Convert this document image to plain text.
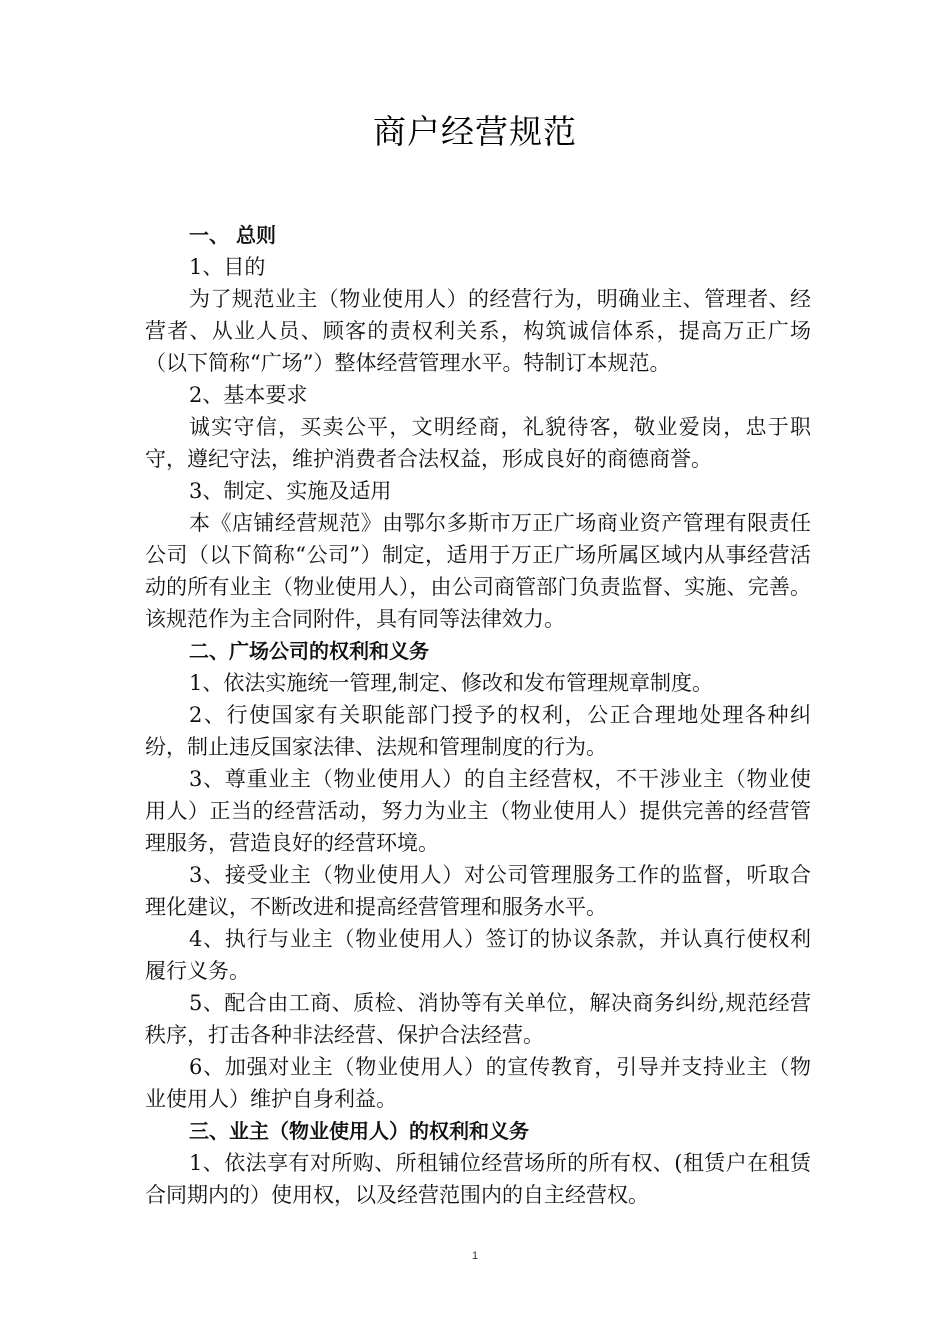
商户经营规范

一、 总则

1、目的

为了规范业主（物业使用人）的经营行为，明确业主、管理者、经营者、从业人员、顾客的责权利关系，构筑诚信体系，提高万正广场（以下简称“广场”）整体经营管理水平。特制订本规范。

2、基本要求

诚实守信，买卖公平，文明经商，礼貌待客，敬业爱岗，忠于职守，遵纪守法，维护消费者合法权益，形成良好的商德商誉。

3、制定、实施及适用

本《店铺经营规范》由鄂尔多斯市万正广场商业资产管理有限责任公司（以下简称“公司”）制定，适用于万正广场所属区域内从事经营活动的所有业主（物业使用人），由公司商管部门负责监督、实施、完善。该规范作为主合同附件，具有同等法律效力。

二、广场公司的权利和义务

1、依法实施统一管理,制定、修改和发布管理规章制度。

2、行使国家有关职能部门授予的权利，公正合理地处理各种纠纷，制止违反国家法律、法规和管理制度的行为。

3、尊重业主（物业使用人）的自主经营权，不干涉业主（物业使用人）正当的经营活动，努力为业主（物业使用人）提供完善的经营管理服务，营造良好的经营环境。

3、接受业主（物业使用人）对公司管理服务工作的监督，听取合理化建议，不断改进和提高经营管理和服务水平。

4、执行与业主（物业使用人）签订的协议条款，并认真行使权利履行义务。

5、配合由工商、质检、消协等有关单位，解决商务纠纷,规范经营秩序，打击各种非法经营、保护合法经营。

6、加强对业主（物业使用人）的宣传教育，引导并支持业主（物业使用人）维护自身利益。

三、业主（物业使用人）的权利和义务

1、依法享有对所购、所租铺位经营场所的所有权、(租赁户在租赁合同期内的）使用权，以及经营范围内的自主经营权。

1
